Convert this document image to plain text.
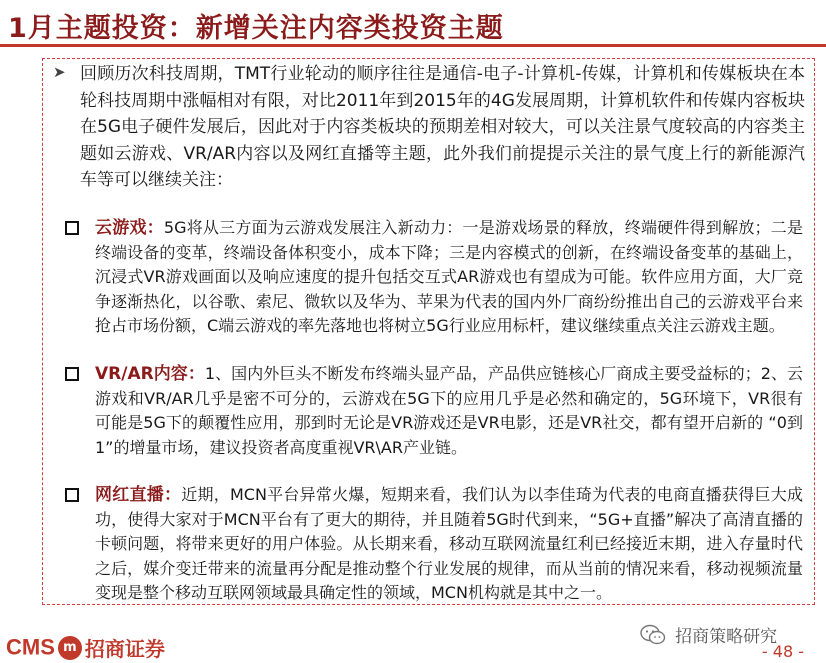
1月主题投资：新增关注内容类投资主题
➤ 回顾历次科技周期，TMT行业轮动的顺序往往是通信-电子-计算机-传媒，计算机和传媒板块在本轮科技周期中涨幅相对有限，对比2011年到2015年的4G发展周期，计算机软件和传媒内容板块在5G电子硬件发展后，因此对于内容类板块的预期差相对较大，可以关注景气度较高的内容类主题如云游戏、VR/AR内容以及网红直播等主题，此外我们前提提示关注的景气度上行的新能源汽车等可以继续关注：
云游戏：5G将从三方面为云游戏发展注入新动力：一是游戏场景的释放，终端硬件得到解放；二是终端设备的变革，终端设备体积变小，成本下降；三是内容模式的创新，在终端设备变革的基础上，沉浸式VR游戏画面以及响应速度的提升包括交互式AR游戏也有望成为可能。软件应用方面，大厂竞争逐渐热化，以谷歌、索尼、微软以及华为、苹果为代表的国内外厂商纷纷推出自己的云游戏平台来抢占市场份额，C端云游戏的率先落地也将树立5G行业应用标杆，建议继续重点关注云游戏主题。
VR/AR内容：1、国内外巨头不断发布终端头显产品，产品供应链核心厂商成主要受益标的；2、云游戏和VR/AR几乎是密不可分的，云游戏在5G下的应用几乎是必然和确定的，5G环境下，VR很有可能是5G下的颠覆性应用，那到时无论是VR游戏还是VR电影，还是VR社交，都有望开启新的 “0到1”的增量市场，建议投资者高度重视VR\AR产业链。
网红直播：近期，MCN平台异常火爆，短期来看，我们认为以李佳琦为代表的电商直播获得巨大成功，使得大家对于MCN平台有了更大的期待，并且随着5G时代到来，“5G+直播”解决了高清直播的卡顿问题，将带来更好的用户体验。从长期来看，移动互联网流量红利已经接近末期，进入存量时代之后，媒介变迁带来的流量再分配是推动整个行业发展的规律，而从当前的情况来看，移动视频流量变现是整个移动互联网领域最具确定性的领域，MCN机构就是其中之一。
CMS m 招商证券	招商策略研究
- 48 -
